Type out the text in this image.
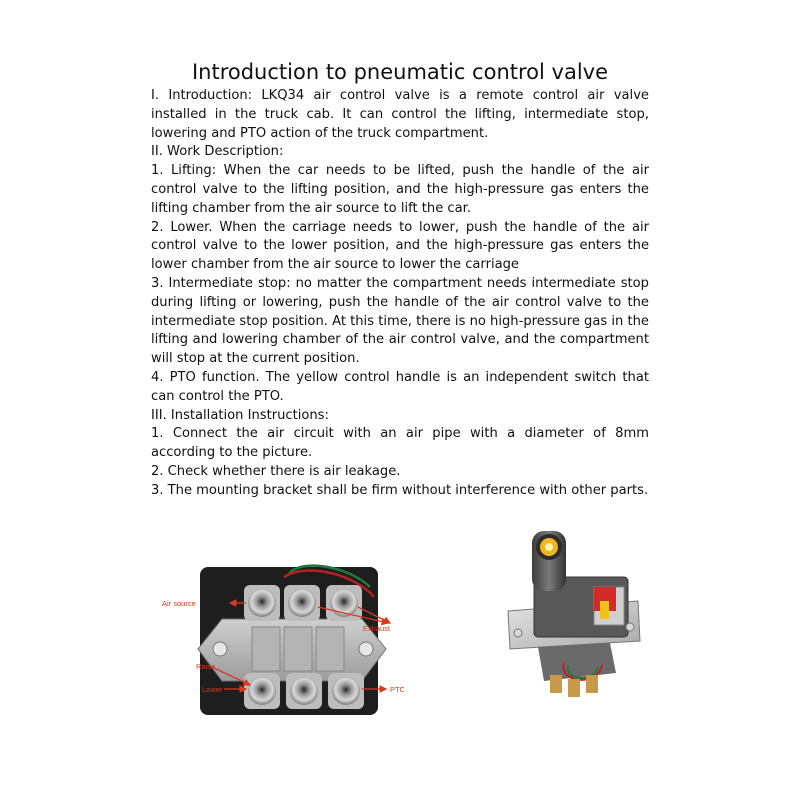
Introduction to pneumatic control valve

I. Introduction: LKQ34 air control valve is a remote control air valve installed in the truck cab. It can control the lifting, intermediate stop, lowering and PTO action of the truck compartment.

II. Work Description:

1. Lifting: When the car needs to be lifted, push the handle of the air control valve to the lifting position, and the high-pressure gas enters the lifting chamber from the air source to lift the car.

2. Lower. When the carriage needs to lower, push the handle of the air control valve to the lower position, and the high-pressure gas enters the lower chamber from the air source to lower the carriage

3. Intermediate stop: no matter the compartment needs intermediate stop during lifting or lowering, push the handle of the air control valve to the intermediate stop position. At this time, there is no high-pressure gas in the lifting and lowering chamber of the air control valve, and the compartment will stop at the current position.

4. PTO function. The yellow control handle is an independent switch that can control the PTO.

III. Installation Instructions:

1. Connect the air circuit with an air pipe with a diameter of 8mm according to the picture.

2. Check whether there is air leakage.

3. The mounting bracket shall be firm without interference with other parts.

Air source
Exhaust
Raise
Lower	PTO
